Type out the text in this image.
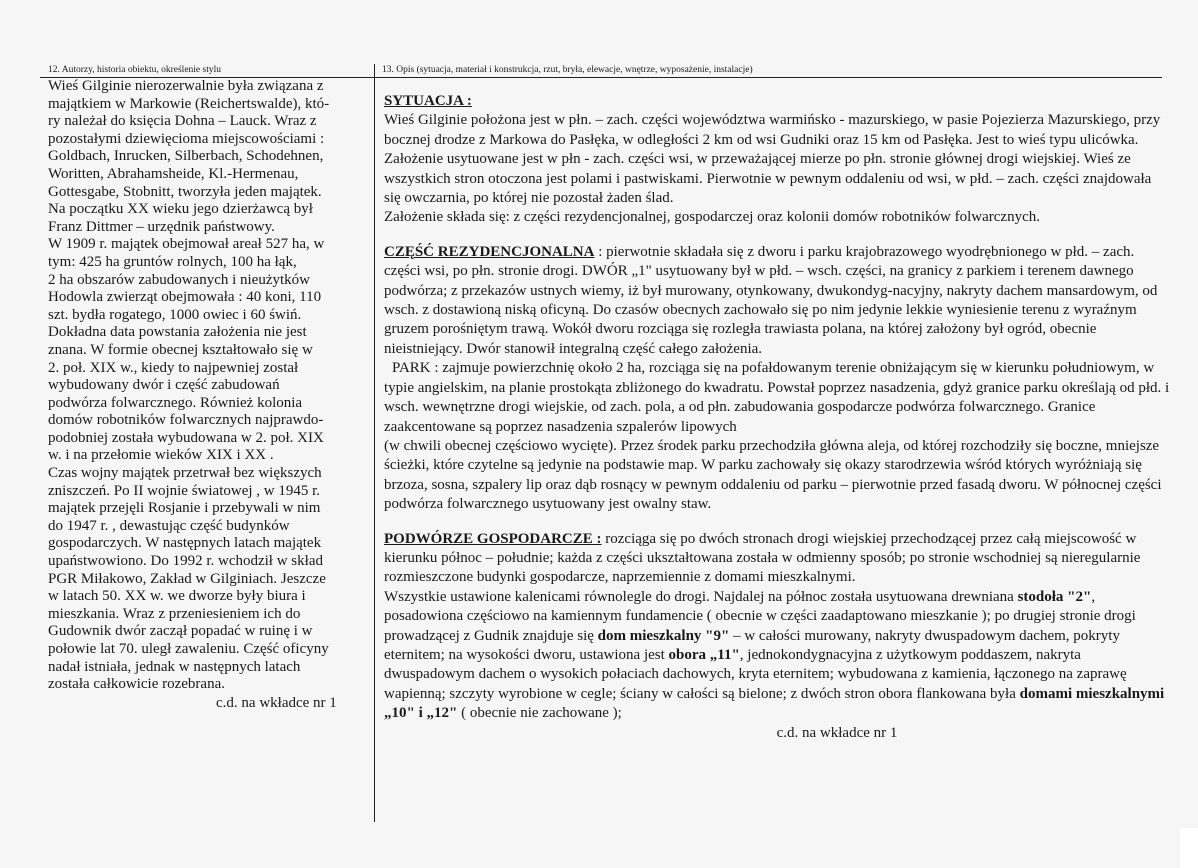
12. Autorzy, historia obiektu, określenie stylu	13. Opis (sytuacja, materiał i konstrukcja, rzut, bryła, elewacje, wnętrze, wyposażenie, instalacje)
Wieś Gilginie nierozerwalnie była związana z
majątkiem w Markowie (Reichertswalde), któ-
ry należał do księcia Dohna – Lauck. Wraz z
pozostałymi dziewięcioma miejscowościami :
Goldbach, Inrucken, Silberbach, Schodehnen,
Woritten, Abrahamsheide, Kl.-Hermenau,
Gottesgabe, Stobnitt, tworzyła jeden majątek.
Na początku XX wieku jego dzierżawcą był
Franz Dittmer – urzędnik państwowy.
W 1909 r. majątek obejmował areał 527 ha, w
tym: 425 ha gruntów rolnych, 100 ha łąk,
2 ha obszarów zabudowanych i nieużytków
Hodowla zwierząt obejmowała : 40 koni, 110
szt. bydła rogatego, 1000 owiec i 60 świń.
Dokładna data powstania założenia nie jest
znana. W formie obecnej kształtowało się w
2. poł. XIX w., kiedy to najpewniej został
wybudowany dwór i część zabudowań
podwórza folwarcznego. Również kolonia
domów robotników folwarcznych najprawdo-
podobniej została wybudowana w 2. poł. XIX
w. i na przełomie wieków XIX i XX .
Czas wojny majątek przetrwał bez większych
zniszczeń. Po II wojnie światowej , w 1945 r.
majątek przejęli Rosjanie i przebywali w nim
do 1947 r. , dewastując część budynków
gospodarczych. W następnych latach majątek
upaństwowiono. Do 1992 r. wchodził w skład
PGR Miłakowo, Zakład w Gilginiach. Jeszcze
w latach 50. XX w. we dworze były biura i
mieszkania. Wraz z przeniesieniem ich do
Gudownik dwór zaczął popadać w ruinę i w
połowie lat 70. uległ zawaleniu. Część oficyny
nadał istniała, jednak w następnych latach
została całkowicie rozebrana.
c.d. na wkładce nr 1

SYTUACJA :

Wieś Gilginie położona jest w płn. – zach. części województwa warmińsko - mazurskiego, w pasie Pojezierza Mazurskiego, przy bocznej drodze z Markowa do Pasłęka, w odległości 2 km od wsi Gudniki oraz 15 km od Pasłęka. Jest to wieś typu ulicówka.

Założenie usytuowane jest w płn - zach. części wsi, w przeważającej mierze po płn. stronie głównej drogi wiejskiej. Wieś ze wszystkich stron otoczona jest polami i pastwiskami. Pierwotnie w pewnym oddaleniu od wsi, w płd. – zach. części znajdowała się owczarnia, po której nie pozostał żaden ślad.

Założenie składa się: z części rezydencjonalnej, gospodarczej oraz kolonii domów robotników folwarcznych.

CZĘŚĆ REZYDENCJONALNA : pierwotnie składała się z dworu i parku krajobrazowego wyodrębnionego w płd. – zach. części wsi, po płn. stronie drogi. DWÓR „1" usytuowany był w płd. – wsch. części, na granicy z parkiem i terenem dawnego podwórza; z przekazów ustnych wiemy, iż był murowany, otynkowany, dwukondyg-nacyjny, nakryty dachem mansardowym, od wsch. z dostawioną niską oficyną. Do czasów obecnych zachowało się po nim jedynie lekkie wyniesienie terenu z wyraźnym gruzem porośniętym trawą. Wokół dworu rozciąga się rozległa trawiasta polana, na której założony był ogród, obecnie nieistniejący. Dwór stanowił integralną część całego założenia.

PARK : zajmuje powierzchnię około 2 ha, rozciąga się na pofałdowanym terenie obniżającym się w kierunku południowym, w typie angielskim, na planie prostokąta zbliżonego do kwadratu. Powstał poprzez nasadzenia, gdyż granice parku określają od płd. i wsch. wewnętrzne drogi wiejskie, od zach. pola, a od płn. zabudowania gospodarcze podwórza folwarcznego. Granice zaakcentowane są poprzez nasadzenia szpalerów lipowych

(w chwili obecnej częściowo wycięte). Przez środek parku przechodziła główna aleja, od której rozchodziły się boczne, mniejsze ścieżki, które czytelne są jedynie na podstawie map. W parku zachowały się okazy starodrzewia wśród których wyróżniają się brzoza, sosna, szpalery lip oraz dąb rosnący w pewnym oddaleniu od parku – pierwotnie przed fasadą dworu. W północnej części podwórza folwarcznego usytuowany jest owalny staw.

PODWÓRZE GOSPODARCZE : rozciąga się po dwóch stronach drogi wiejskiej przechodzącej przez całą miejscowość w kierunku północ – południe; każda z części ukształtowana została w odmienny sposób; po stronie wschodniej są nieregularnie rozmieszczone budynki gospodarcze, naprzemiennie z domami mieszkalnymi.

Wszystkie ustawione kalenicami równolegle do drogi. Najdalej na północ została usytuowana drewniana stodoła "2", posadowiona częściowo na kamiennym fundamencie ( obecnie w części zaadaptowano mieszkanie ); po drugiej stronie drogi prowadzącej z Gudnik znajduje się dom mieszkalny "9" – w całości murowany, nakryty dwuspadowym dachem, pokryty eternitem; na wysokości dworu, ustawiona jest obora „11", jednokondygnacyjna z użytkowym poddaszem, nakryta dwuspadowym dachem o wysokich połaciach dachowych, kryta eternitem; wybudowana z kamienia, łączonego na zaprawę wapienną; szczyty wyrobione w cegle; ściany w całości są bielone; z dwóch stron obora flankowana była domami mieszkalnymi „10" i „12" ( obecnie nie zachowane );

c.d. na wkładce nr 1
